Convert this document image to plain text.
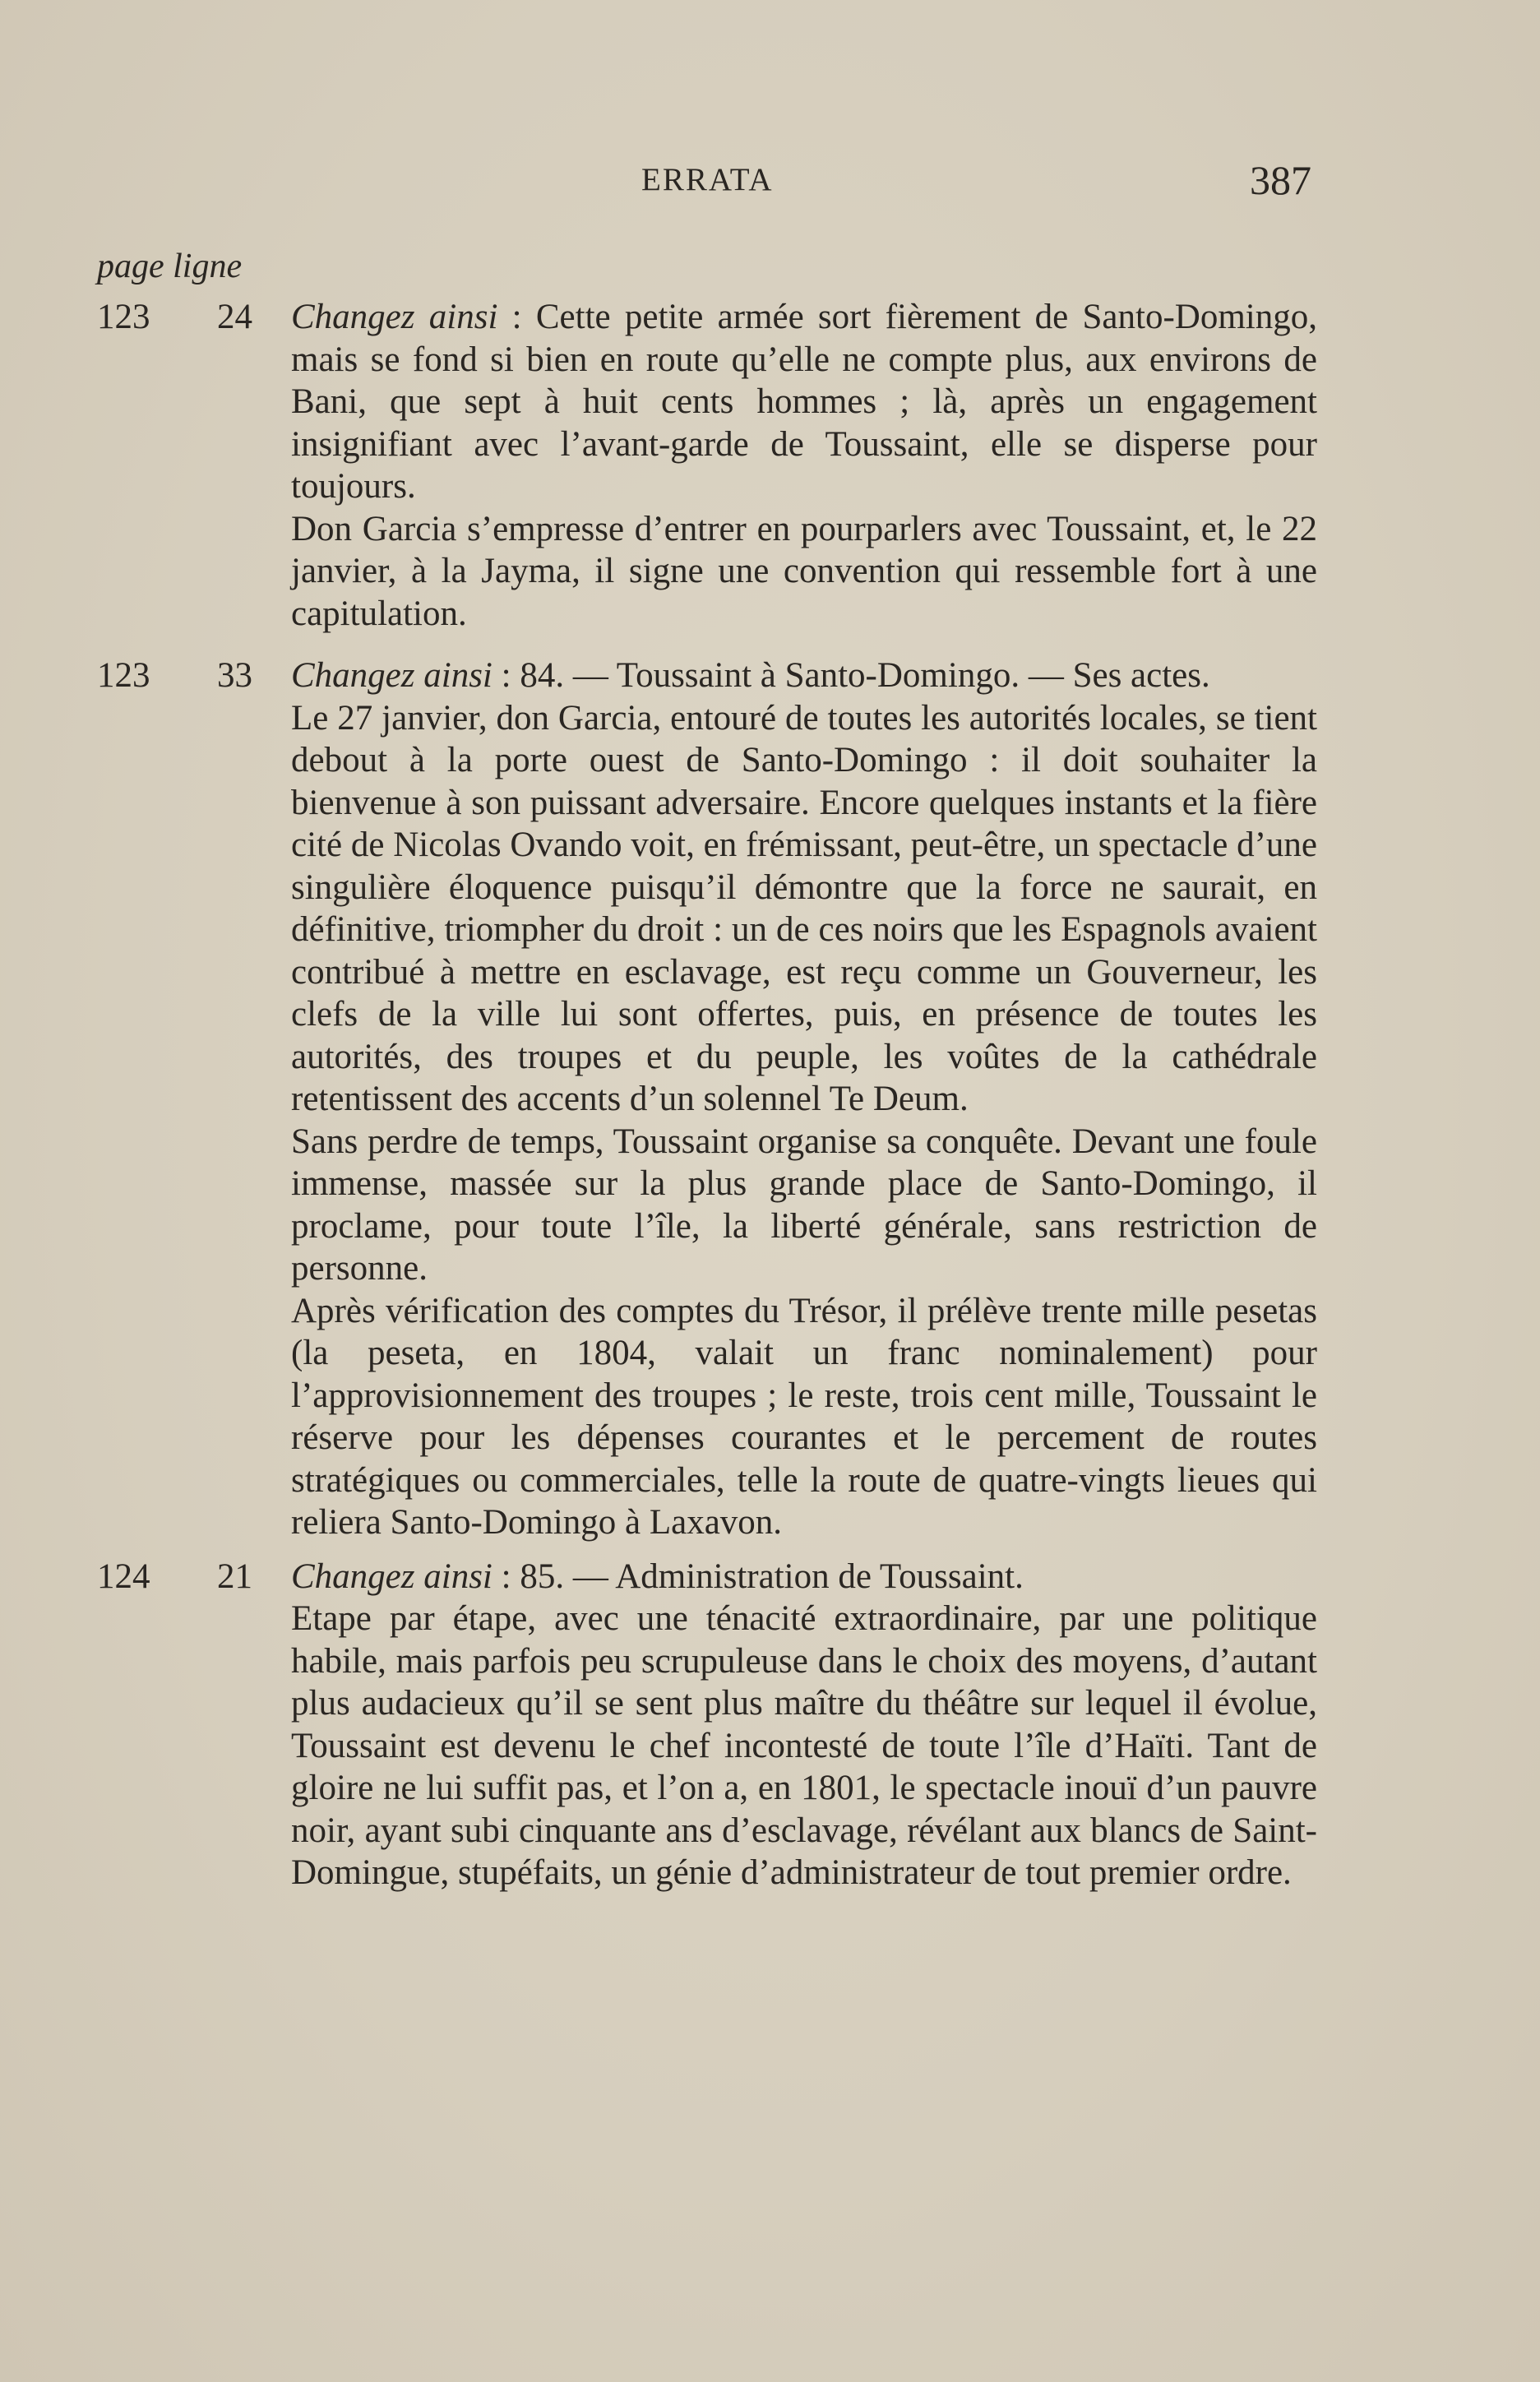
ERRATA	387
page ligne
123 24 Changez ainsi : Cette petite armée sort fièrement de Santo-Domingo, mais se fond si bien en route qu’elle ne compte plus, aux environs de Bani, que sept à huit cents hommes ; là, après un engagement insignifiant avec l’avant-garde de Toussaint, elle se disperse pour toujours.

Don Garcia s’empresse d’entrer en pourparlers avec Toussaint, et, le 22 janvier, à la Jayma, il signe une convention qui ressemble fort à une capitulation.

123 33 Changez ainsi : 84. — Toussaint à Santo-Domingo. — Ses actes.

Le 27 janvier, don Garcia, entouré de toutes les autorités locales, se tient debout à la porte ouest de Santo-Domingo : il doit souhaiter la bienvenue à son puissant adversaire. Encore quelques instants et la fière cité de Nicolas Ovando voit, en frémissant, peut-être, un spectacle d’une singulière éloquence puisqu’il démontre que la force ne saurait, en définitive, triompher du droit : un de ces noirs que les Espagnols avaient contribué à mettre en esclavage, est reçu comme un Gouverneur, les clefs de la ville lui sont offertes, puis, en présence de toutes les autorités, des troupes et du peuple, les voûtes de la cathédrale retentissent des accents d’un solennel Te Deum.

Sans perdre de temps, Toussaint organise sa conquête. Devant une foule immense, massée sur la plus grande place de Santo-Domingo, il proclame, pour toute l’île, la liberté générale, sans restriction de personne.

Après vérification des comptes du Trésor, il prélève trente mille pesetas (la peseta, en 1804, valait un franc nominalement) pour l’approvisionnement des troupes ; le reste, trois cent mille, Toussaint le réserve pour les dépenses courantes et le percement de routes stratégiques ou commerciales, telle la route de quatre-vingts lieues qui reliera Santo-Domingo à Laxavon.

124 21 Changez ainsi : 85. — Administration de Toussaint.

Etape par étape, avec une ténacité extraordinaire, par une politique habile, mais parfois peu scrupuleuse dans le choix des moyens, d’autant plus audacieux qu’il se sent plus maître du théâtre sur lequel il évolue, Toussaint est devenu le chef incontesté de toute l’île d’Haïti. Tant de gloire ne lui suffit pas, et l’on a, en 1801, le spectacle inouï d’un pauvre noir, ayant subi cinquante ans d’esclavage, révélant aux blancs de Saint-Domingue, stupéfaits, un génie d’administrateur de tout premier ordre.
